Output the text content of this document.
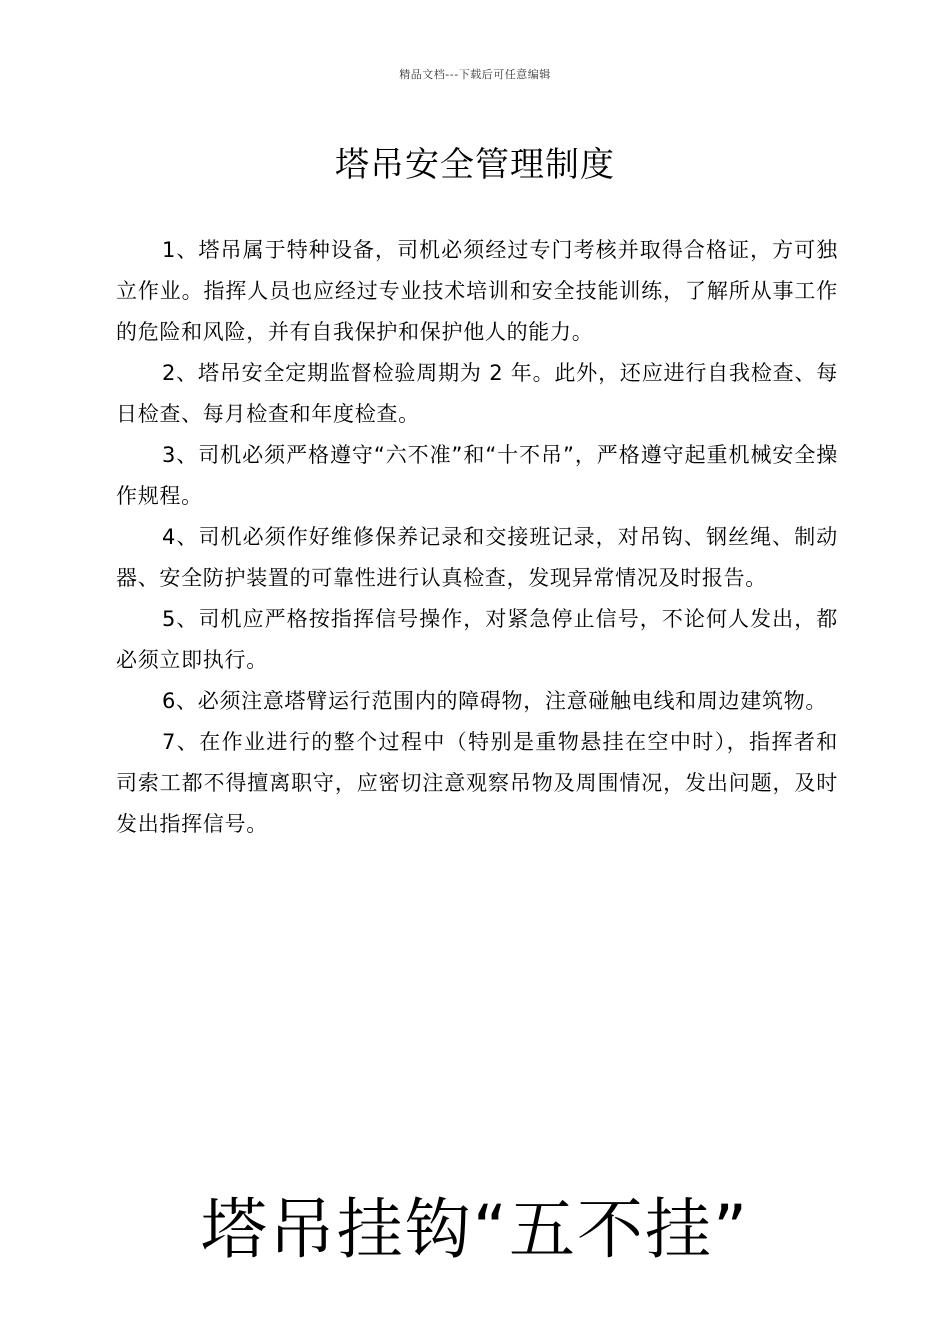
精品文档---下载后可任意编辑
塔吊安全管理制度
1、塔吊属于特种设备，司机必须经过专门考核并取得合格证，方可独立作业。指挥人员也应经过专业技术培训和安全技能训练，了解所从事工作的危险和风险，并有自我保护和保护他人的能力。
2、塔吊安全定期监督检验周期为 2 年。此外，还应进行自我检查、每日检查、每月检查和年度检查。
3、司机必须严格遵守“六不准”和“十不吊”，严格遵守起重机械安全操作规程。
4、司机必须作好维修保养记录和交接班记录，对吊钩、钢丝绳、制动器、安全防护装置的可靠性进行认真检查，发现异常情况及时报告。
5、司机应严格按指挥信号操作，对紧急停止信号，不论何人发出，都必须立即执行。
6、必须注意塔臂运行范围内的障碍物，注意碰触电线和周边建筑物。
7、在作业进行的整个过程中（特别是重物悬挂在空中时），指挥者和司索工都不得擅离职守，应密切注意观察吊物及周围情况，发出问题，及时发出指挥信号。
塔吊挂钩“五不挂”
